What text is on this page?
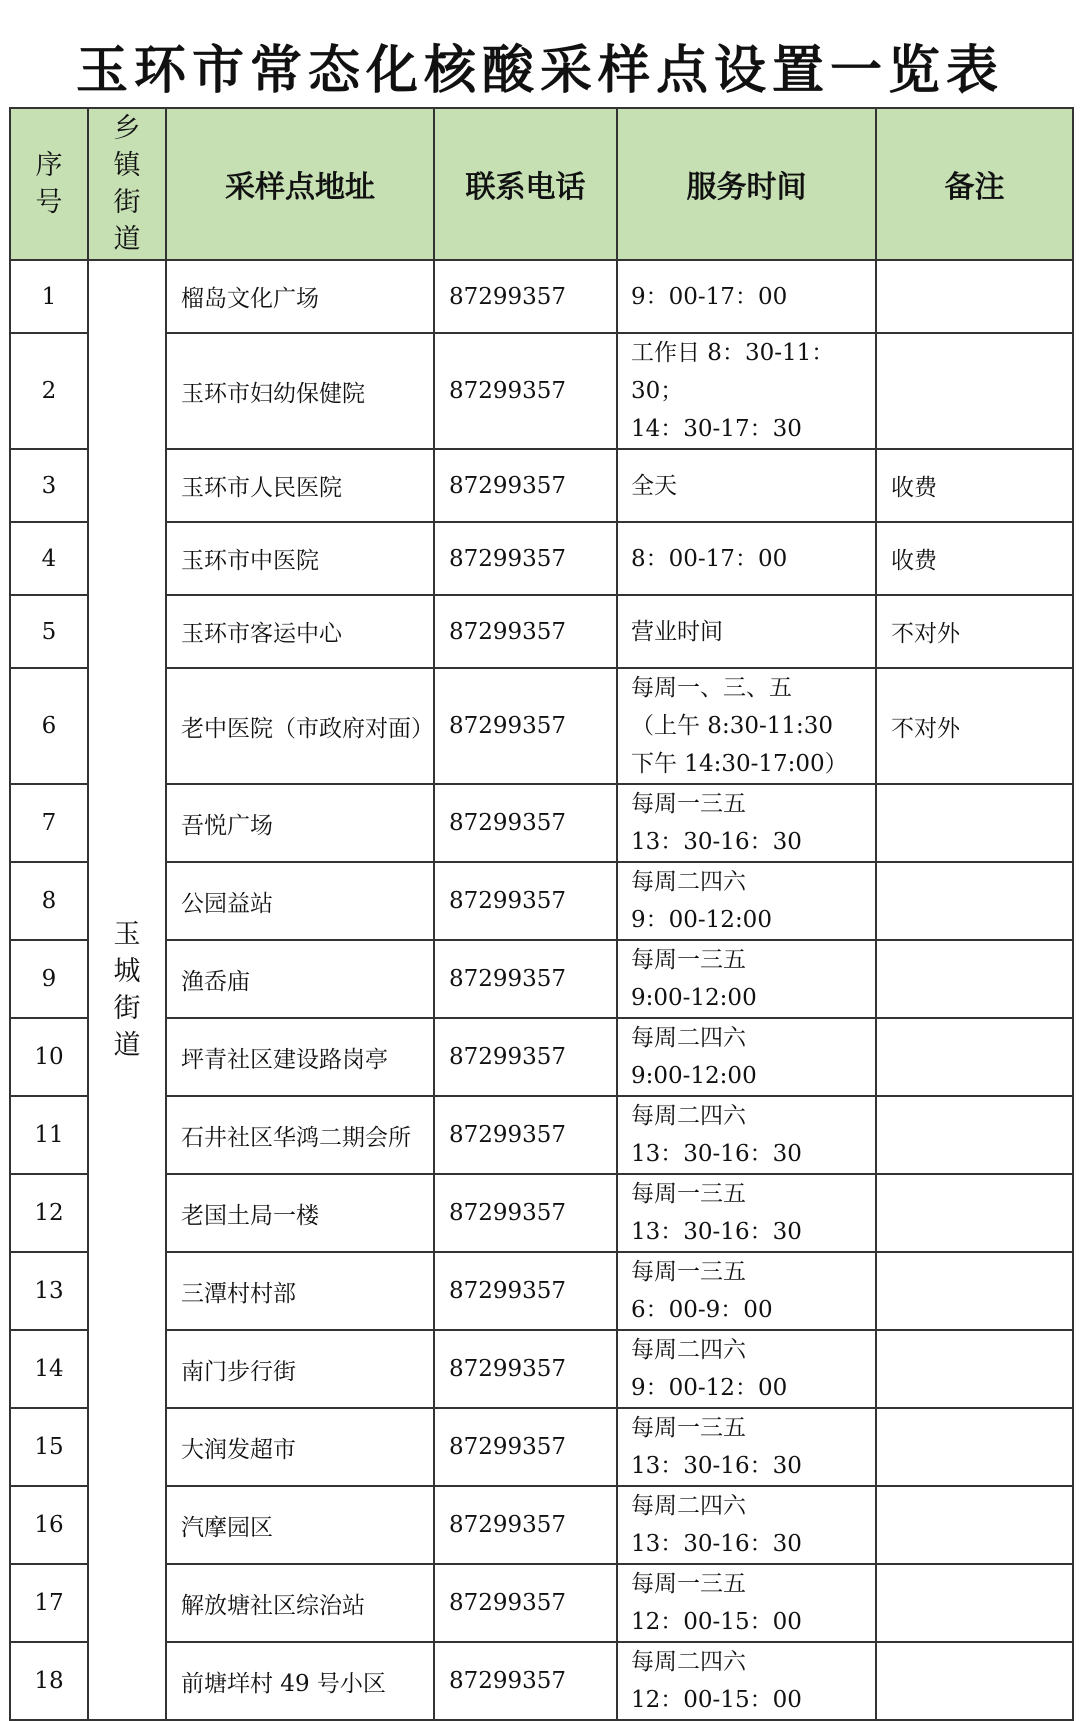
玉环市常态化核酸采样点设置一览表
序
号	乡
镇
街
道	采样点地址	联系电话	服务时间	备注
1	玉
城
街
道	榴岛文化广场	87299357	9：00-17：00	
2		玉环市妇幼保健院	87299357	工作日 8：30-11：30；
14：30-17：30	
3		玉环市人民医院	87299357	全天	收费
4		玉环市中医院	87299357	8：00-17：00	收费
5		玉环市客运中心	87299357	营业时间	不对外
6		老中医院（市政府对面）	87299357	每周一、三、五
（上午 8:30-11:30
下午 14:30-17:00）	不对外
7		吾悦广场	87299357	每周一三五
13：30-16：30	
8		公园益站	87299357	每周二四六
9：00-12:00	
9		渔岙庙	87299357	每周一三五
9:00-12:00	
10		坪青社区建设路岗亭	87299357	每周二四六
9:00-12:00	
11		石井社区华鸿二期会所	87299357	每周二四六
13：30-16：30	
12		老国土局一楼	87299357	每周一三五
13：30-16：30	
13		三潭村村部	87299357	每周一三五
6：00-9：00	
14		南门步行街	87299357	每周二四六
9：00-12：00	
15		大润发超市	87299357	每周一三五
13：30-16：30	
16		汽摩园区	87299357	每周二四六
13：30-16：30	
17		解放塘社区综治站	87299357	每周一三五
12：00-15：00	
18		前塘垟村 49 号小区	87299357	每周二四六
12：00-15：00	
